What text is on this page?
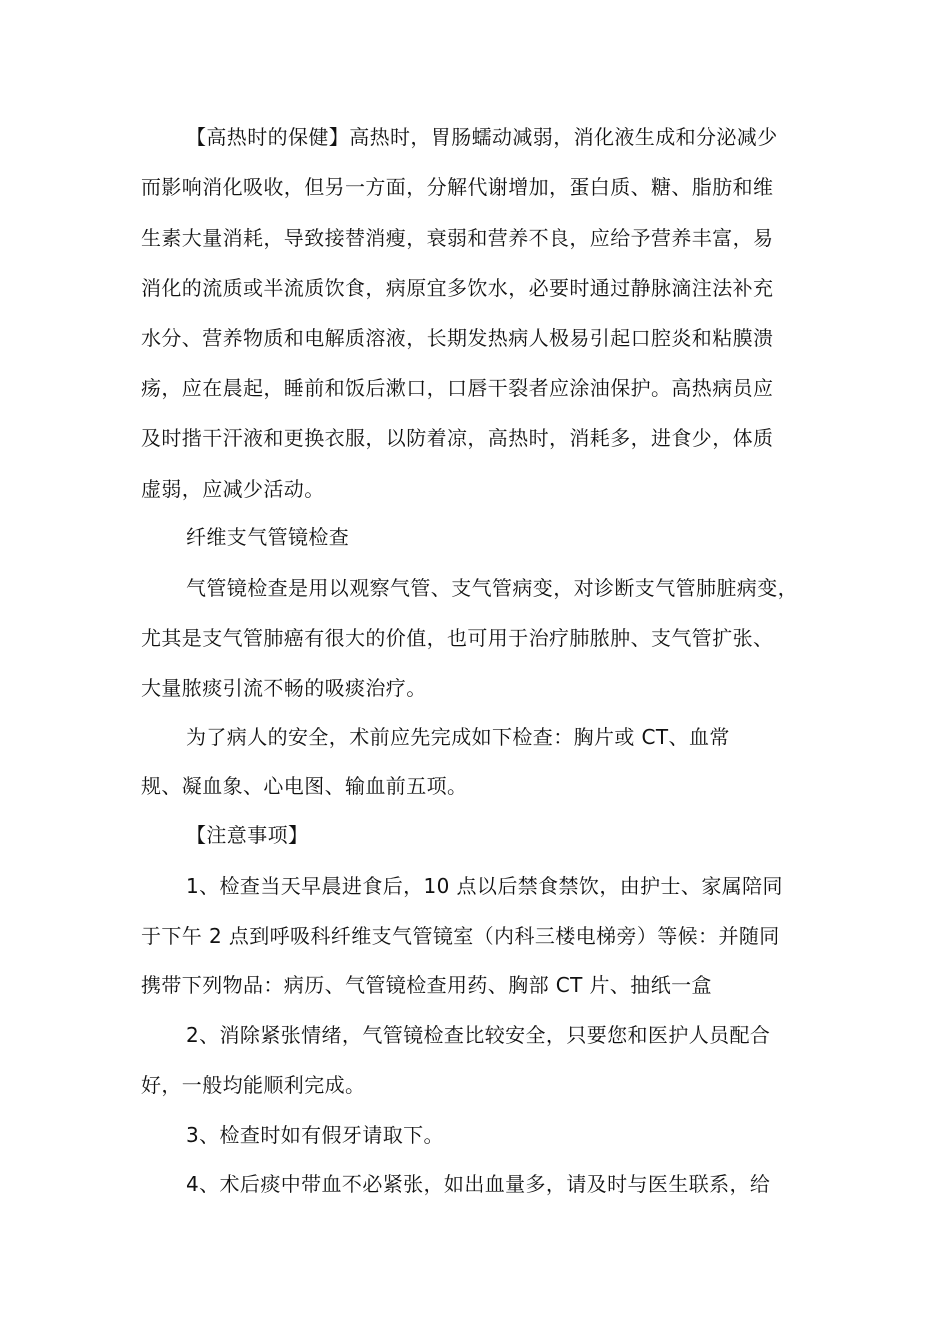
【高热时的保健】高热时，胃肠蠕动减弱，消化液生成和分泌减少
而影响消化吸收，但另一方面，分解代谢增加，蛋白质、糖、脂肪和维
生素大量消耗，导致接替消瘦，衰弱和营养不良，应给予营养丰富，易
消化的流质或半流质饮食，病原宜多饮水，必要时通过静脉滴注法补充
水分、营养物质和电解质溶液，长期发热病人极易引起口腔炎和粘膜溃
疡，应在晨起，睡前和饭后漱口，口唇干裂者应涂油保护。高热病员应
及时揩干汗液和更换衣服，以防着凉，高热时，消耗多，进食少，体质
虚弱，应减少活动。
纤维支气管镜检查
气管镜检查是用以观察气管、支气管病变，对诊断支气管肺脏病变，
尤其是支气管肺癌有很大的价值，也可用于治疗肺脓肿、支气管扩张、
大量脓痰引流不畅的吸痰治疗。
为了病人的安全，术前应先完成如下检查：胸片或 CT、血常
规、凝血象、心电图、输血前五项。
【注意事项】
1、检查当天早晨进食后，10 点以后禁食禁饮，由护士、家属陪同
于下午 2 点到呼吸科纤维支气管镜室（内科三楼电梯旁）等候：并随同
携带下列物品：病历、气管镜检查用药、胸部 CT 片、抽纸一盒
2、消除紧张情绪，气管镜检查比较安全，只要您和医护人员配合
好，一般均能顺利完成。
3、检查时如有假牙请取下。
4、术后痰中带血不必紧张，如出血量多，请及时与医生联系，给
